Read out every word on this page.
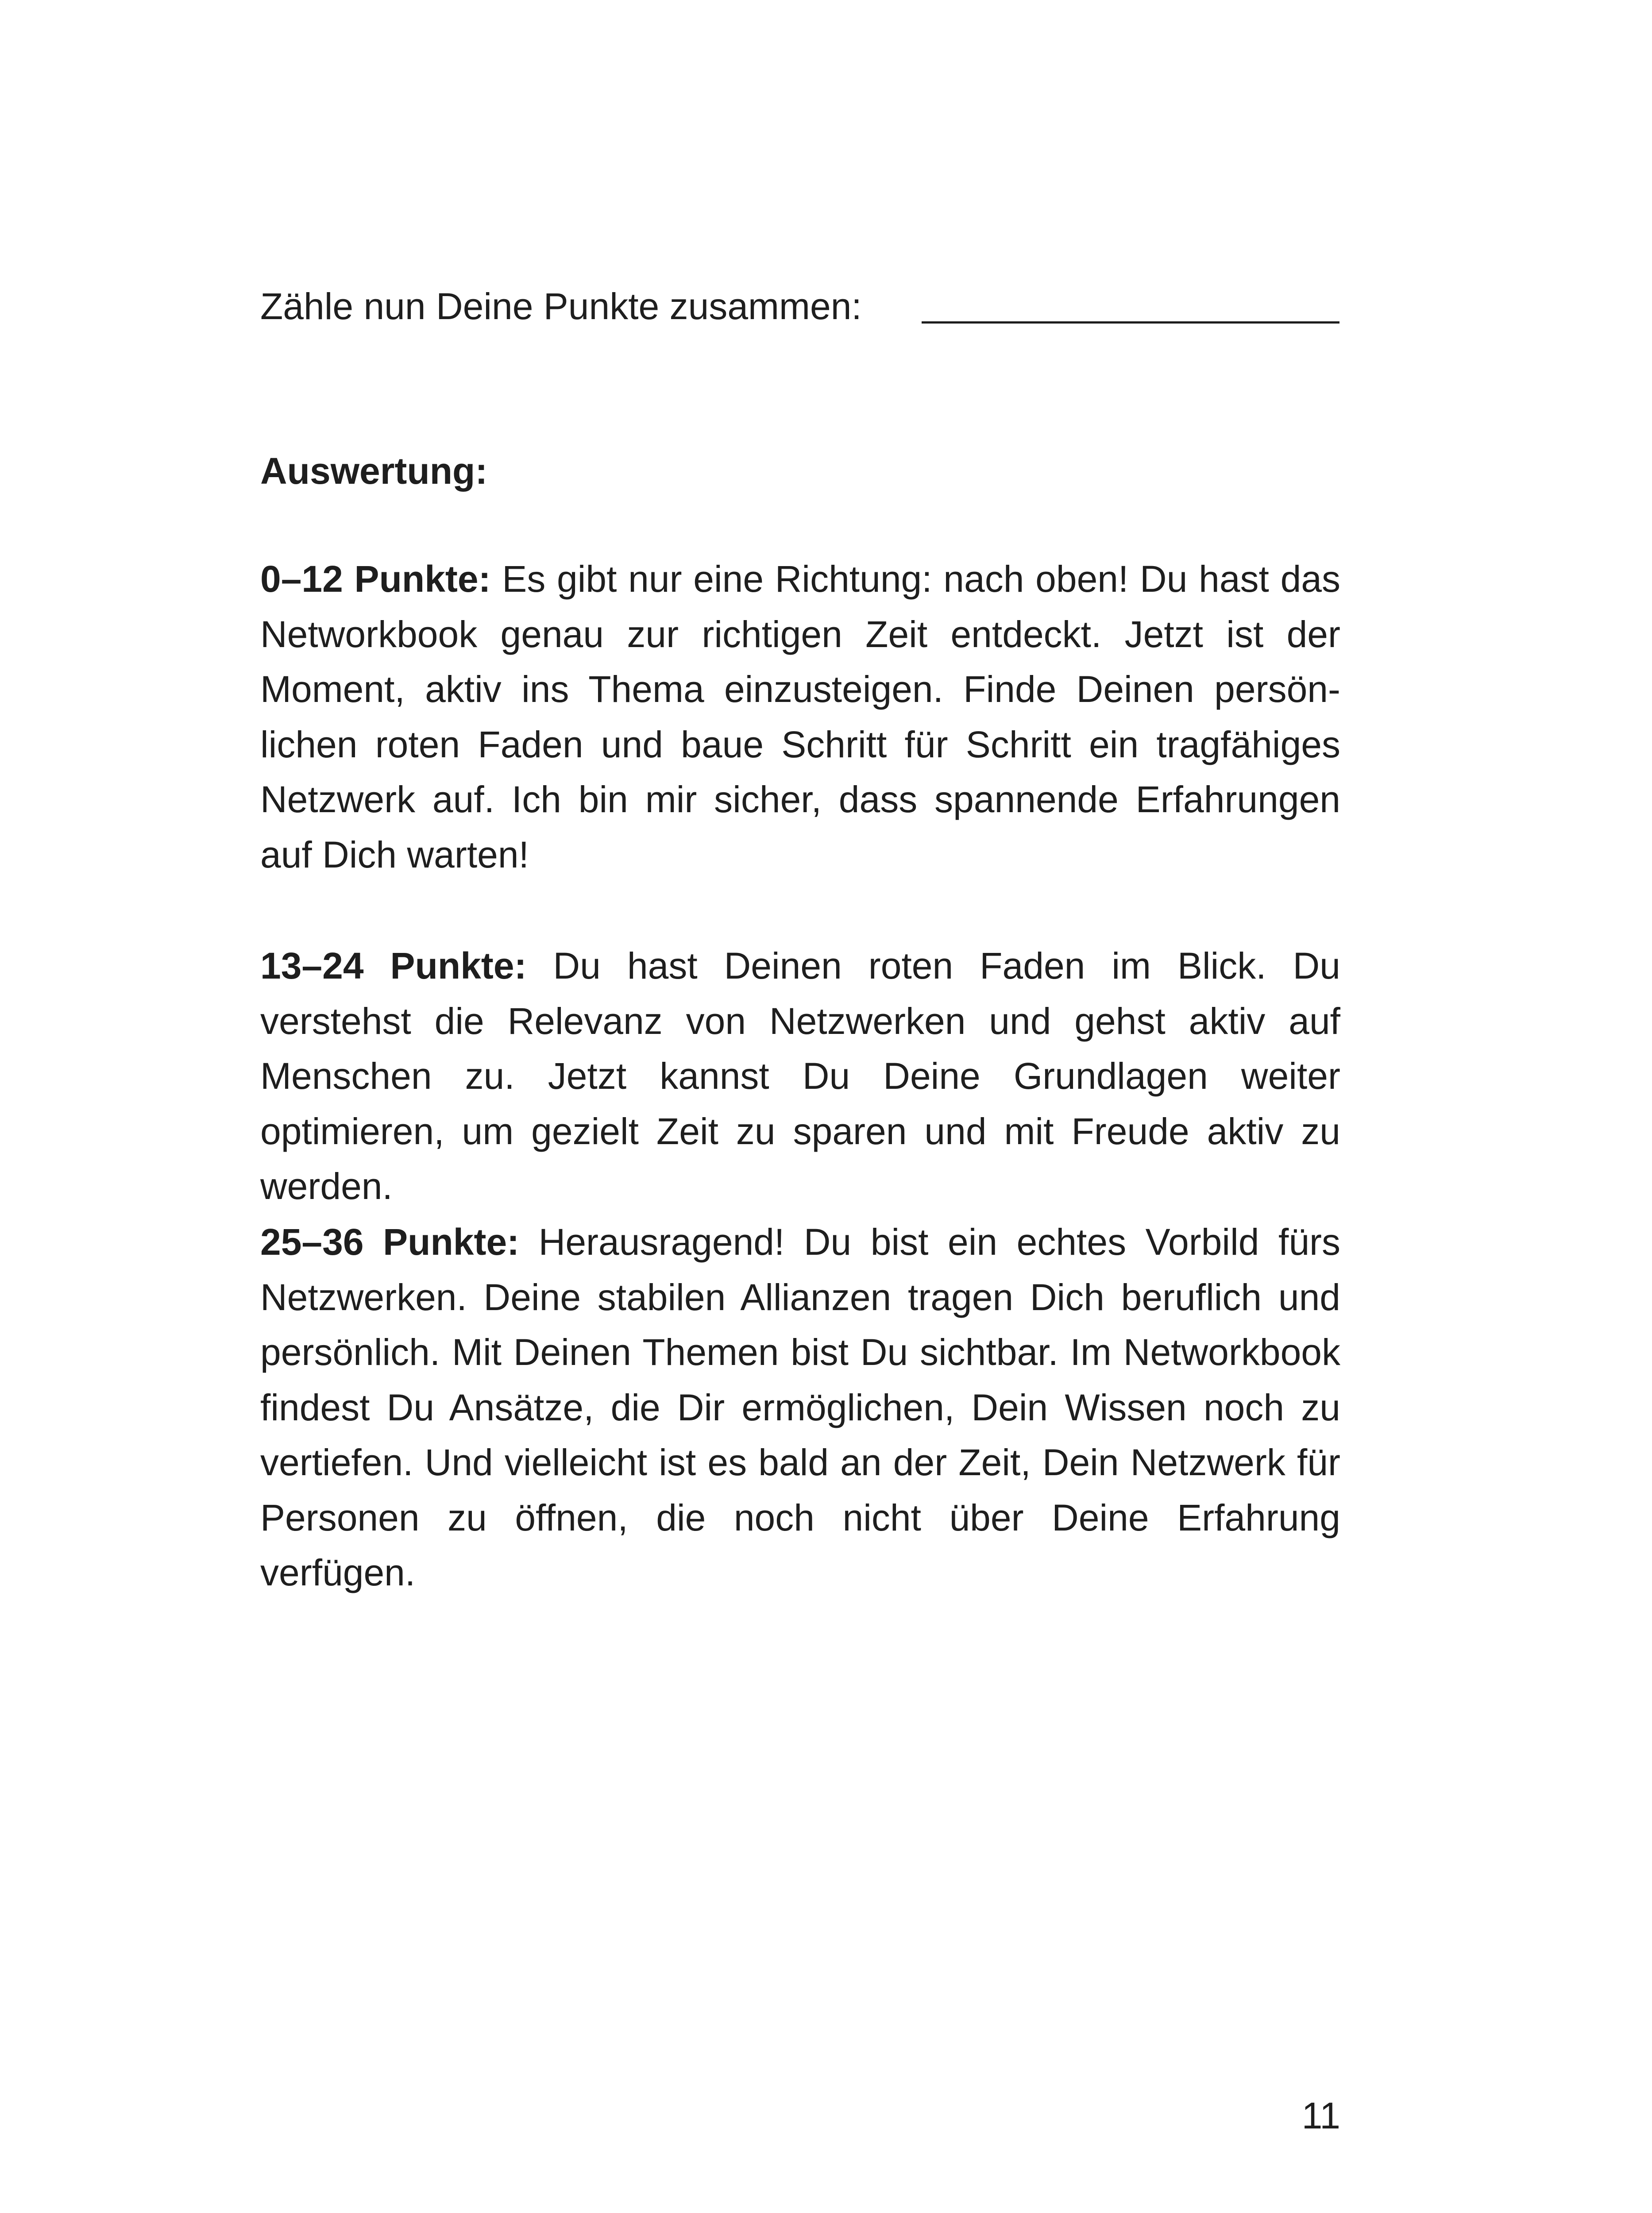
Zähle nun Deine Punkte zusammen:
Auswertung:

0–12 Punkte: Es gibt nur eine Richtung: nach oben! Du hast das Networkbook genau zur richtigen Zeit entdeckt. Jetzt ist der Moment, aktiv ins Thema einzusteigen. Finde Deinen persönlichen roten Faden und baue Schritt für Schritt ein tragfähiges Netzwerk auf. Ich bin mir sicher, dass spannende Erfahrungen auf Dich warten!

13–24 Punkte: Du hast Deinen roten Faden im Blick. Du verstehst die Relevanz von Netzwerken und gehst aktiv auf Menschen zu. Jetzt kannst Du Deine Grundlagen weiter optimieren, um gezielt Zeit zu sparen und mit Freude aktiv zu werden.

25–36 Punkte: Herausragend! Du bist ein echtes Vorbild fürs Netzwerken. Deine stabilen Allianzen tragen Dich beruflich und persönlich. Mit Deinen Themen bist Du sichtbar. Im Networkbook findest Du Ansätze, die Dir ermöglichen, Dein Wissen noch zu vertiefen. Und vielleicht ist es bald an der Zeit, Dein Netzwerk für Personen zu öffnen, die noch nicht über Deine Erfahrung verfügen.

11
